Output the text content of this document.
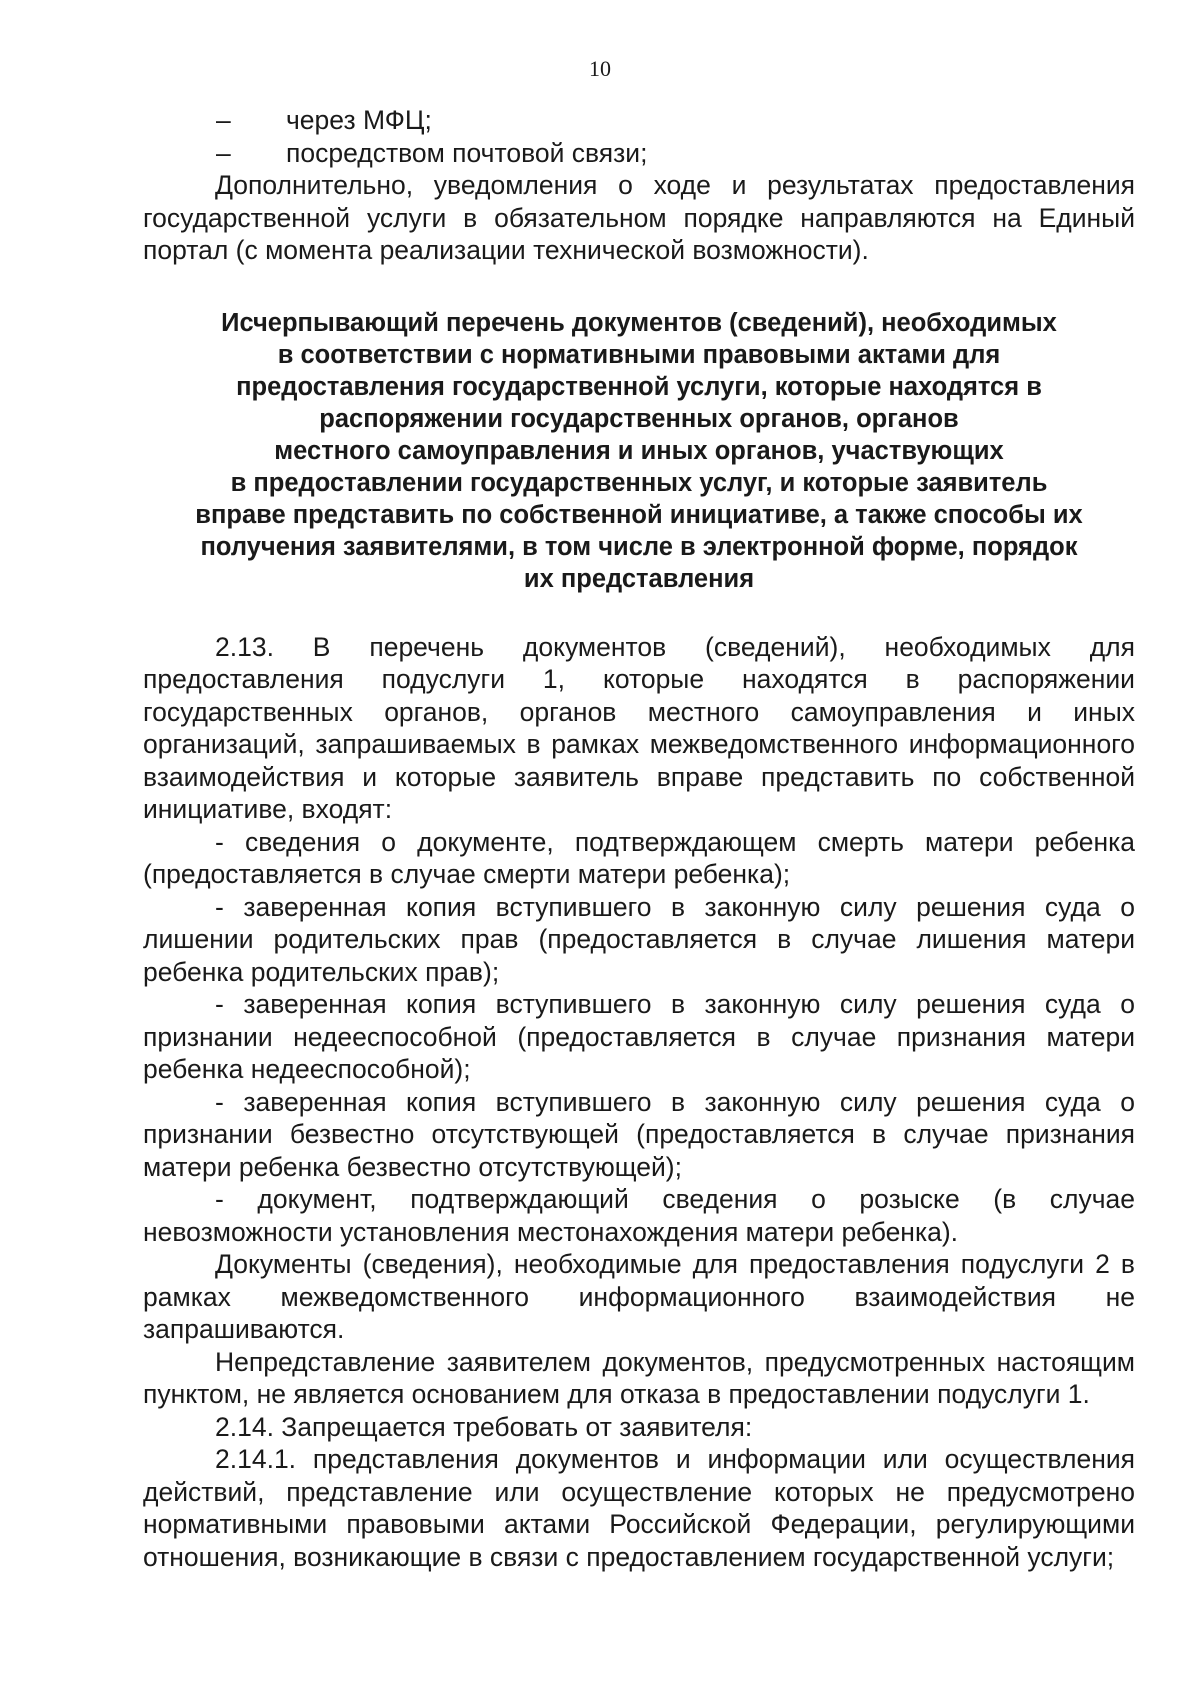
10
–	через МФЦ;
–	посредством почтовой связи;

Дополнительно, уведомления о ходе и результатах предоставления государственной услуги в обязательном порядке направляются на Единый портал (с момента реализации технической возможности).

Исчерпывающий перечень документов (сведений), необходимых
в соответствии с нормативными правовыми актами для
предоставления государственной услуги, которые находятся в
распоряжении государственных органов, органов
местного самоуправления и иных органов, участвующих
в предоставлении государственных услуг, и которые заявитель
вправе представить по собственной инициативе, а также способы их
получения заявителями, в том числе в электронной форме, порядок
их представления

2.13. В перечень документов (сведений), необходимых для предоставления подуслуги 1, которые находятся в распоряжении государственных органов, органов местного самоуправления и иных организаций, запрашиваемых в рамках межведомственного информационного взаимодействия и которые заявитель вправе представить по собственной инициативе, входят:

- сведения о документе, подтверждающем смерть матери ребенка (предоставляется в случае смерти матери ребенка);

- заверенная копия вступившего в законную силу решения суда о лишении родительских прав (предоставляется в случае лишения матери ребенка родительских прав);

- заверенная копия вступившего в законную силу решения суда о признании недееспособной (предоставляется в случае признания матери ребенка недееспособной);

- заверенная копия вступившего в законную силу решения суда о признании безвестно отсутствующей (предоставляется в случае признания матери ребенка безвестно отсутствующей);

- документ, подтверждающий сведения о розыске (в случае невозможности установления местонахождения матери ребенка).

Документы (сведения), необходимые для предоставления подуслуги 2 в рамках межведомственного информационного взаимодействия не запрашиваются.

Непредставление заявителем документов, предусмотренных настоящим пунктом, не является основанием для отказа в предоставлении подуслуги 1.

2.14. Запрещается требовать от заявителя:

2.14.1. представления документов и информации или осуществления действий, представление или осуществление которых не предусмотрено нормативными правовыми актами Российской Федерации, регулирующими отношения, возникающие в связи с предоставлением государственной услуги;
